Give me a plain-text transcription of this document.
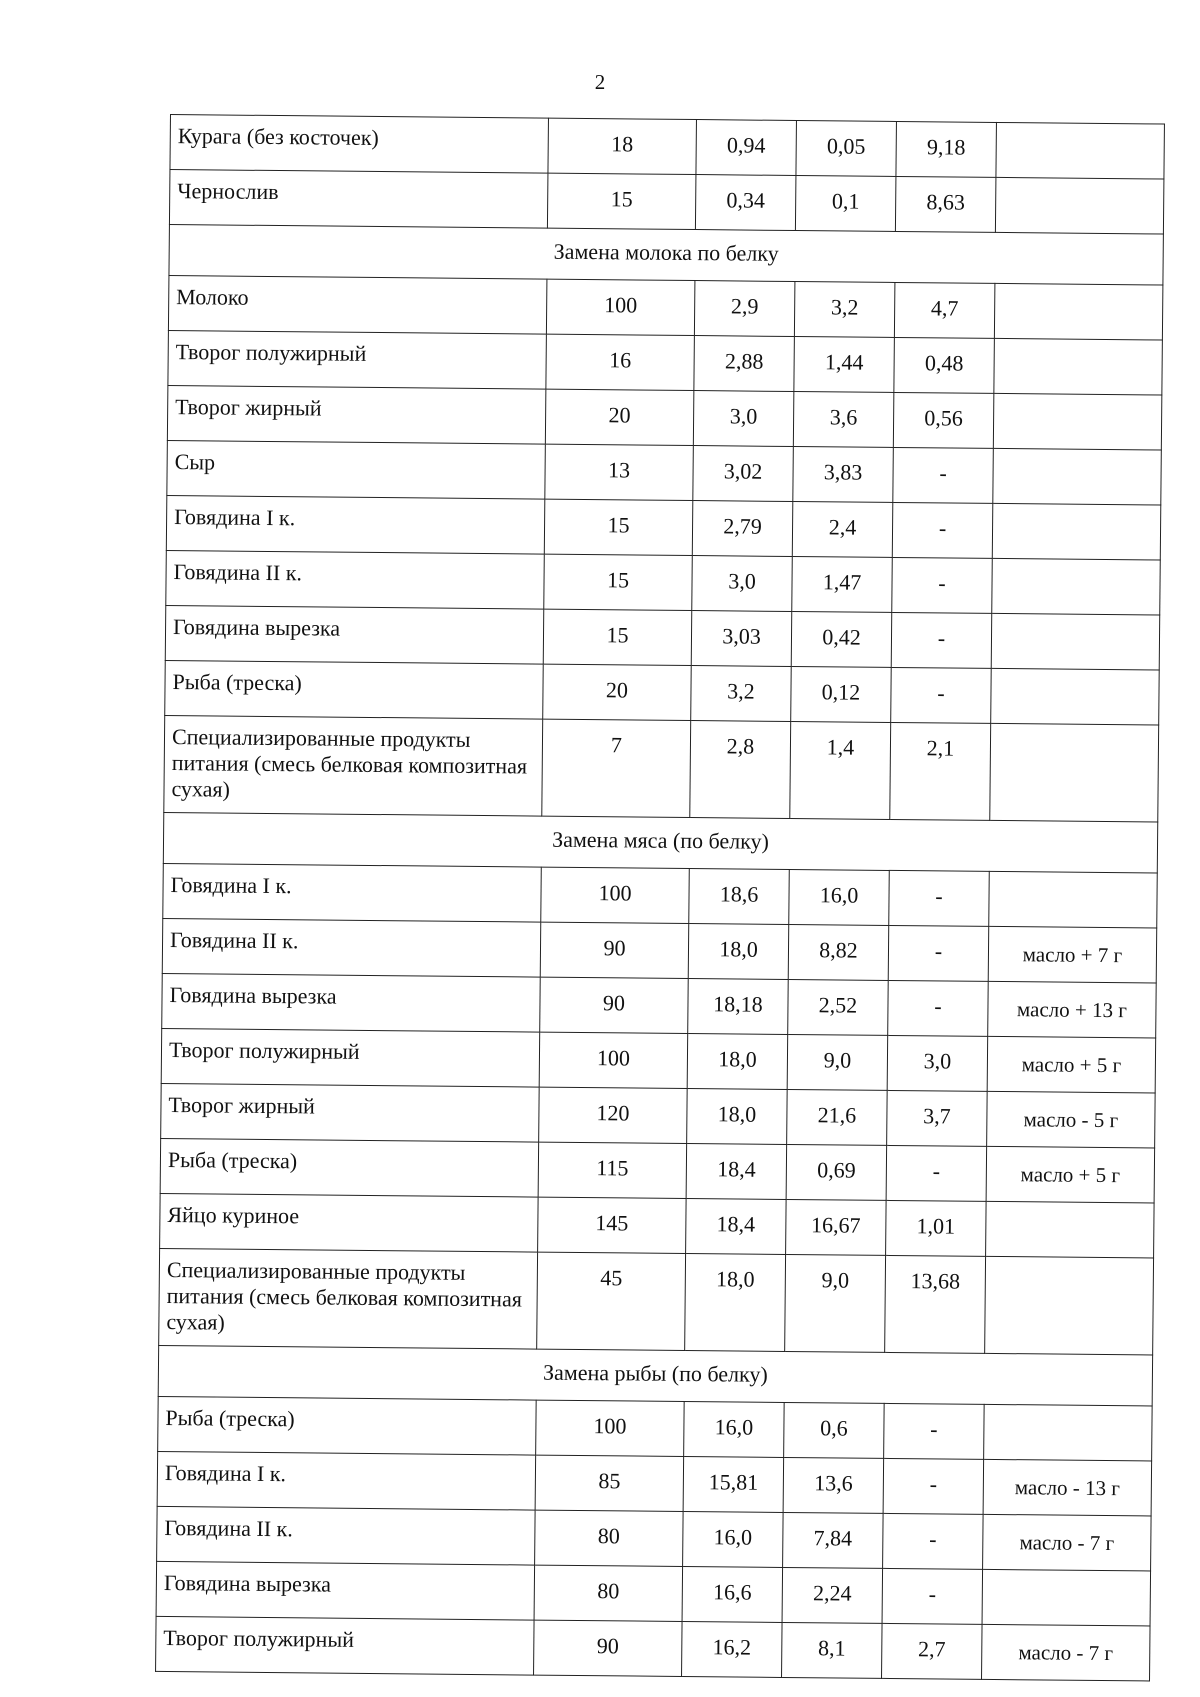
2
Курага (без косточек)	18	0,94	0,05	9,18	
Чернослив	15	0,34	0,1	8,63	
Замена молока по белку					
Молоко	100	2,9	3,2	4,7	
Творог полужирный	16	2,88	1,44	0,48	
Творог жирный	20	3,0	3,6	0,56	
Сыр	13	3,02	3,83	-	
Говядина I к.	15	2,79	2,4	-	
Говядина II к.	15	3,0	1,47	-	
Говядина вырезка	15	3,03	0,42	-	
Рыба (треска)	20	3,2	0,12	-	
Специализированные продукты питания (смесь белковая композитная сухая)	7	2,8	1,4	2,1	
Замена мяса (по белку)					
Говядина I к.	100	18,6	16,0	-	
Говядина II к.	90	18,0	8,82	-	масло + 7 г
Говядина вырезка	90	18,18	2,52	-	масло + 13 г
Творог полужирный	100	18,0	9,0	3,0	масло + 5 г
Творог жирный	120	18,0	21,6	3,7	масло - 5 г
Рыба (треска)	115	18,4	0,69	-	масло + 5 г
Яйцо куриное	145	18,4	16,67	1,01	
Специализированные продукты питания (смесь белковая композитная сухая)	45	18,0	9,0	13,68	
Замена рыбы (по белку)					
Рыба (треска)	100	16,0	0,6	-	
Говядина I к.	85	15,81	13,6	-	масло - 13 г
Говядина II к.	80	16,0	7,84	-	масло - 7 г
Говядина вырезка	80	16,6	2,24	-	
Творог полужирный	90	16,2	8,1	2,7	масло - 7 г
